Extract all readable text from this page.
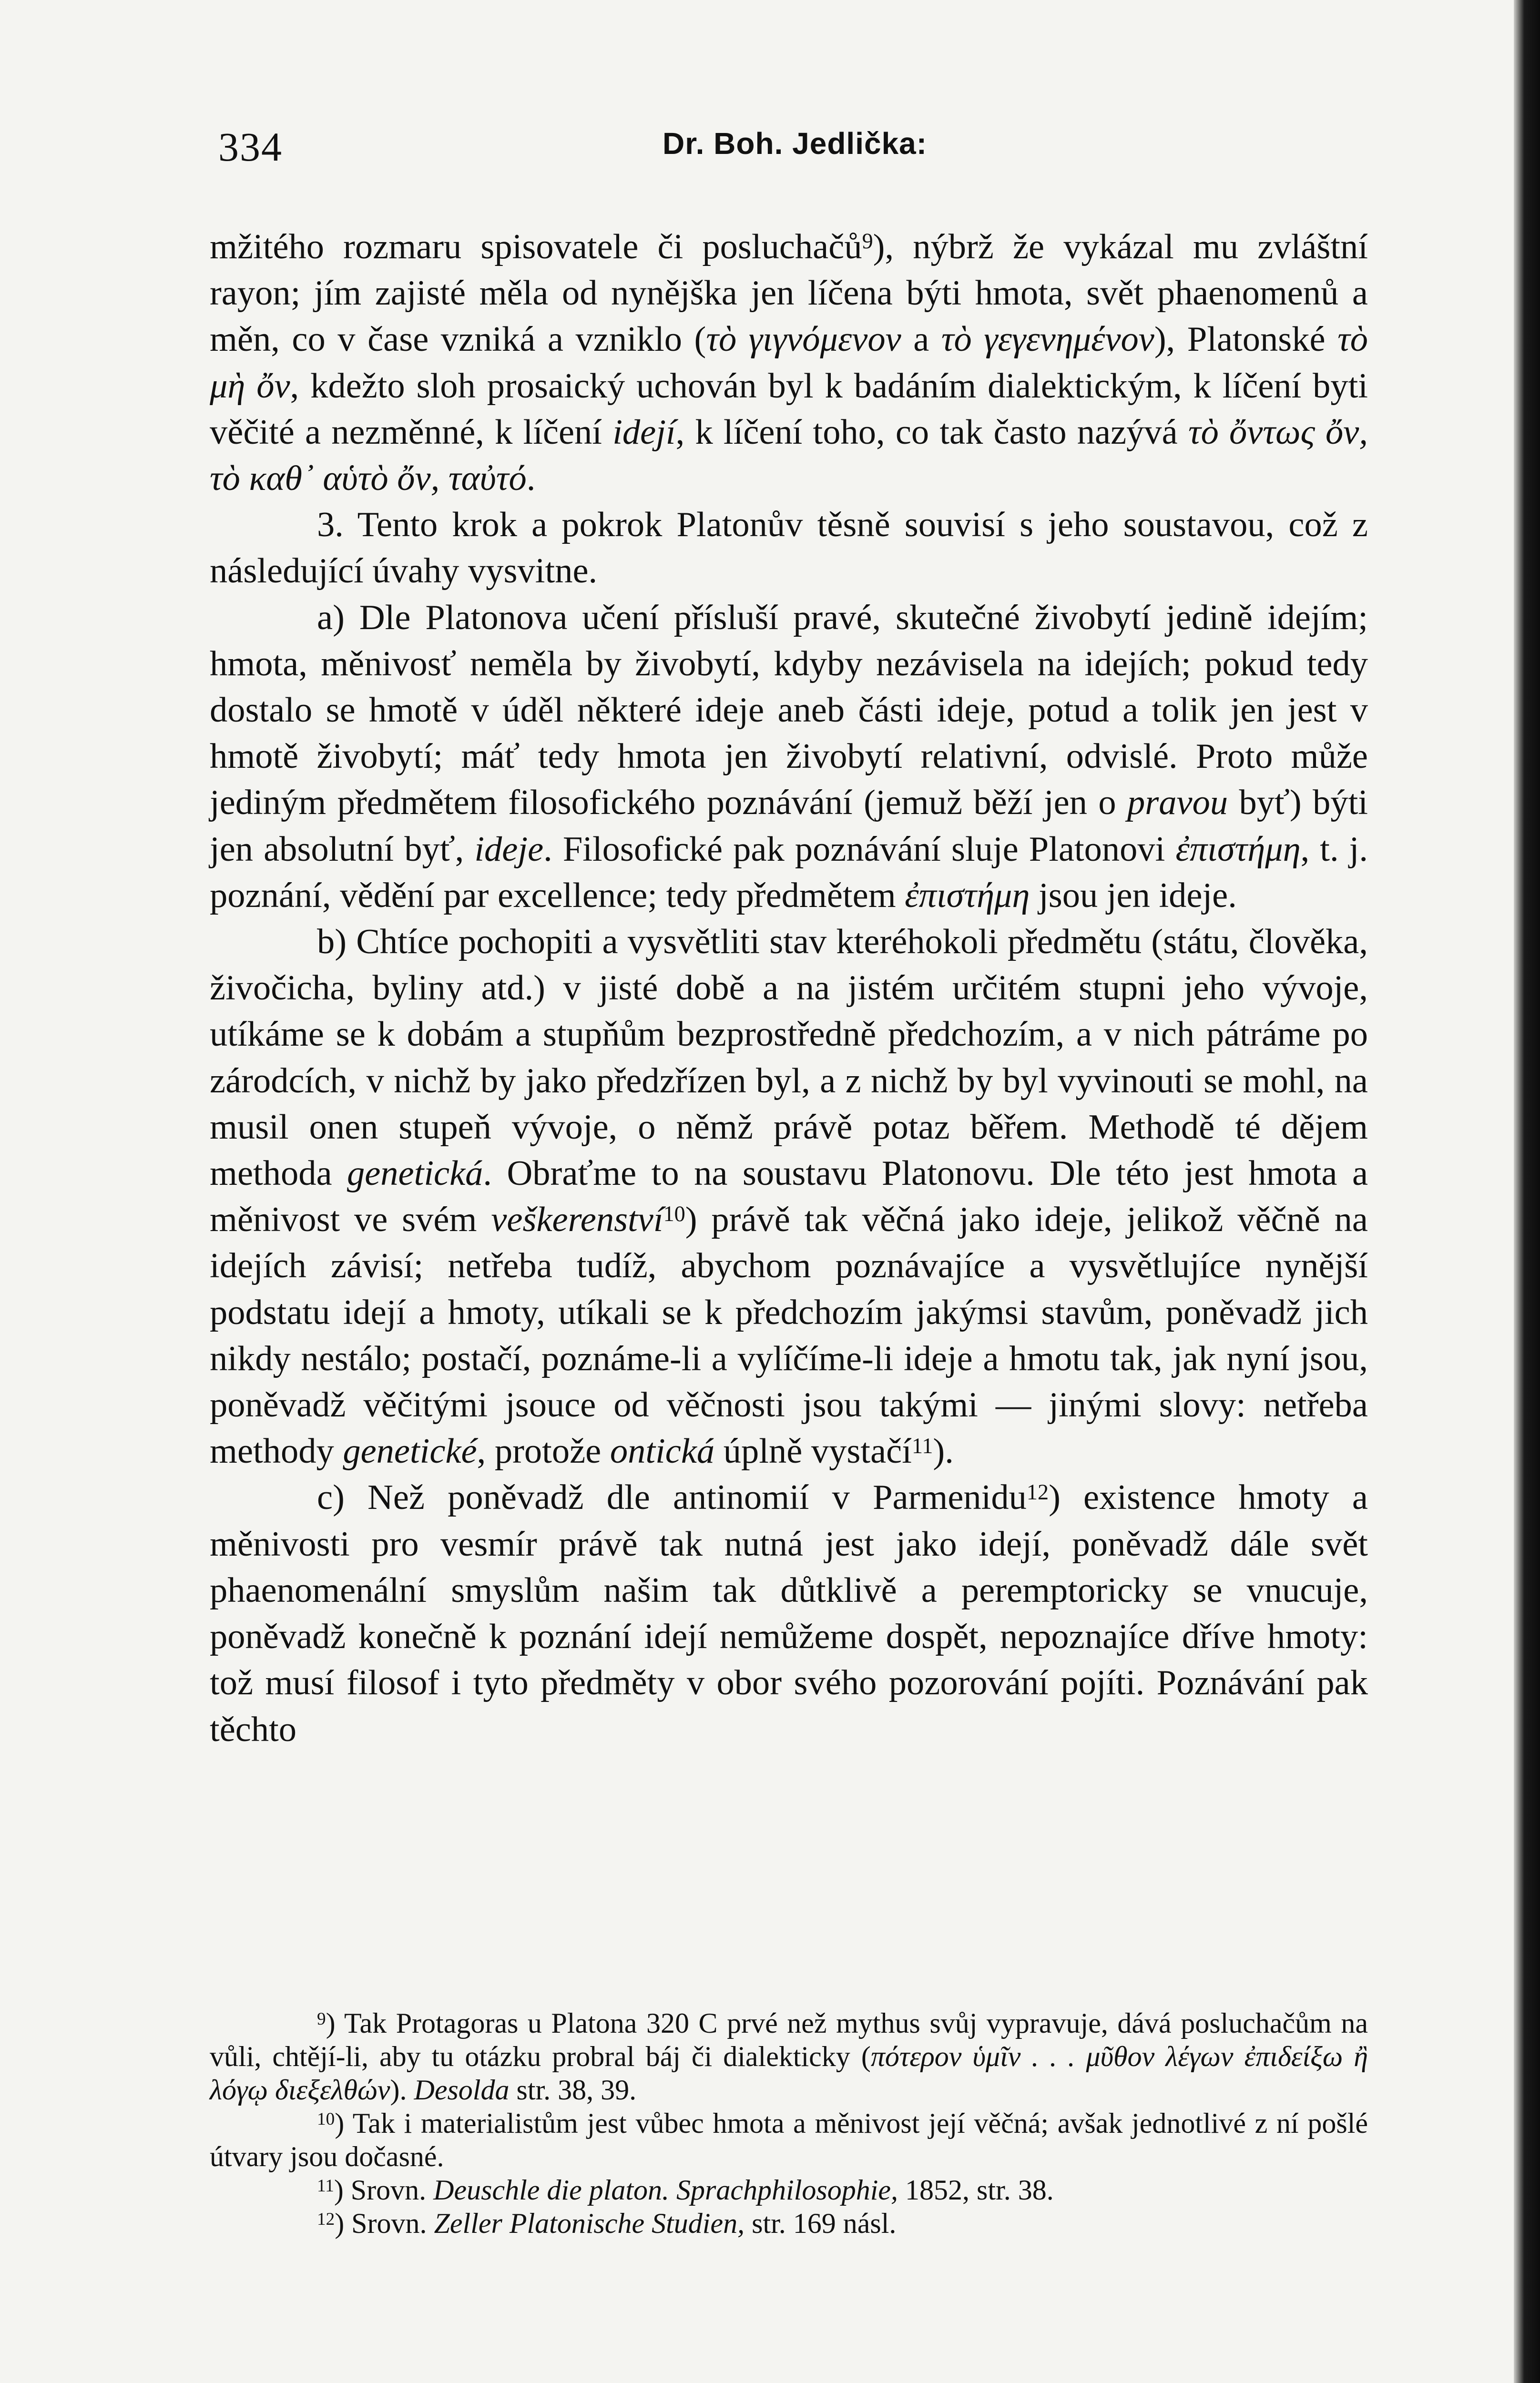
334	Dr. Boh. Jedlička:

mžitého rozmaru spisovatele či posluchačů$^9$), nýbrž že vykázal mu zvláštní rayon; jím zajisté měla od nynějška jen líčena býti hmota, svět phaenomenů a měn, co v čase vzniká a vzniklo (τὸ γιγνόμενον a τὸ γεγενημένον), Platonské τὸ μὴ ὄν, kdežto sloh prosaický uchován byl k badáním dialektickým, k líčení byti věčité a nezměnné, k líčení idejí, k líčení toho, co tak často nazývá τὸ ὄντως ὄν, τὸ καθ᾽ αὑτὸ ὄν, ταὐτό.

3. Tento krok a pokrok Platonův těsně souvisí s jeho soustavou, což z následující úvahy vysvitne.

a) Dle Platonova učení přísluší pravé, skutečné živobytí jedině idejím; hmota, měnivosť neměla by živobytí, kdyby nezávisela na idejích; pokud tedy dostalo se hmotě v úděl některé ideje aneb části ideje, potud a tolik jen jest v hmotě živobytí; máť tedy hmota jen živobytí relativní, odvislé. Proto může jediným předmětem filosofického poznávání (jemuž běží jen o pravou byť) býti jen absolutní byť, ideje. Filosofické pak poznávání sluje Platonovi ἐπιστήμη, t. j. poznání, vědění par excellence; tedy předmětem ἐπιστήμη jsou jen ideje.

b) Chtíce pochopiti a vysvětliti stav kteréhokoli předmětu (státu, člověka, živočicha, byliny atd.) v jisté době a na jistém určitém stupni jeho vývoje, utíkáme se k dobám a stupňům bezprostředně předchozím, a v nich pátráme po zárodcích, v nichž by jako předzřízen byl, a z nichž by byl vyvinouti se mohl, na musil onen stupeň vývoje, o němž právě potaz běřem. Methodě té dějem methoda genetická. Obraťme to na soustavu Platonovu. Dle této jest hmota a měnivost ve svém veškerenství$^{10}$) právě tak věčná jako ideje, jelikož věčně na idejích závisí; netřeba tudíž, abychom poznávajíce a vysvětlujíce nynější podstatu idejí a hmoty, utíkali se k předchozím jakýmsi stavům, poněvadž jich nikdy nestálo; postačí, poznáme-li a vylíčíme-li ideje a hmotu tak, jak nyní jsou, poněvadž věčitými jsouce od věčnosti jsou takými — jinými slovy: netřeba methody genetické, protože ontická úplně vystačí$^{11}$).

c) Než poněvadž dle antinomií v Parmenidu$^{12}$) existence hmoty a měnivosti pro vesmír právě tak nutná jest jako idejí, poněvadž dále svět phaenomenální smyslům našim tak důtklivě a peremptoricky se vnucuje, poněvadž konečně k poznání idejí nemůžeme dospět, nepoznajíce dříve hmoty: tož musí filosof i tyto předměty v obor svého pozorování pojíti. Poznávání pak těchto

$^9$) Tak Protagoras u Platona 320 C prvé než mythus svůj vypravuje, dává posluchačům na vůli, chtějí-li, aby tu otázku probral báj či dialekticky (πότερον ὑμῖν . . . μῦθον λέγων ἐπιδείξω ἢ λόγῳ διεξελθών). Desolda str. 38, 39.

$^{10}$) Tak i materialistům jest vůbec hmota a měnivost její věčná; avšak jednotlivé z ní pošlé útvary jsou dočasné.

$^{11}$) Srovn. Deuschle die platon. Sprachphilosophie, 1852, str. 38.

$^{12}$) Srovn. Zeller Platonische Studien, str. 169 násl.
